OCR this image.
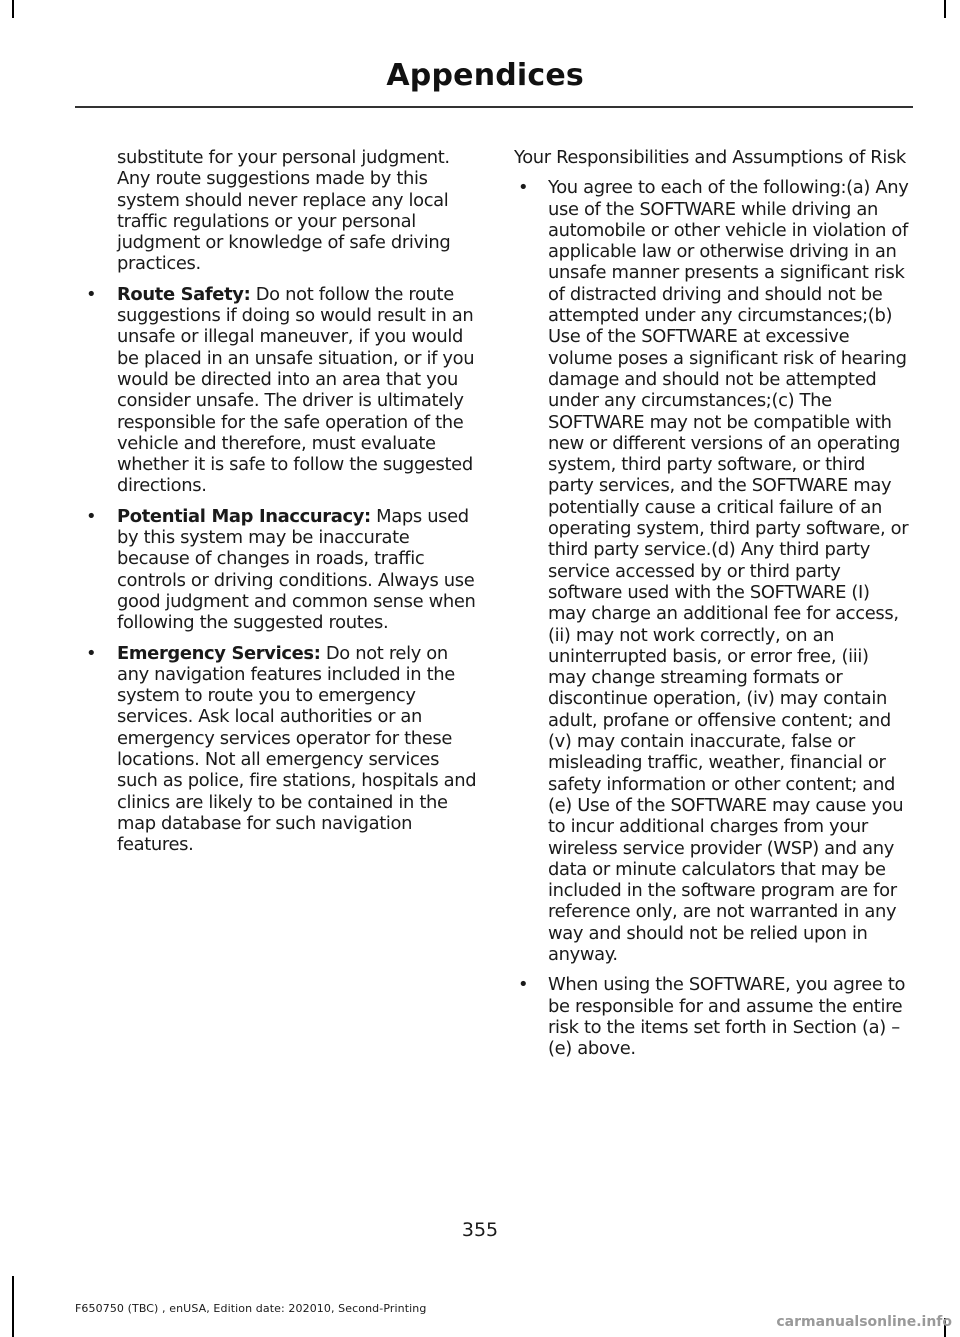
Appendices

substitute for your personal judgment. Any route suggestions made by this system should never replace any local traffic regulations or your personal judgment or knowledge of safe driving practices.

• Route Safety: Do not follow the route suggestions if doing so would result in an unsafe or illegal maneuver, if you would be placed in an unsafe situation, or if you would be directed into an area that you consider unsafe. The driver is ultimately responsible for the safe operation of the vehicle and therefore, must evaluate whether it is safe to follow the suggested directions.

• Potential Map Inaccuracy: Maps used by this system may be inaccurate because of changes in roads, traffic controls or driving conditions. Always use good judgment and common sense when following the suggested routes.

• Emergency Services: Do not rely on any navigation features included in the system to route you to emergency services. Ask local authorities or an emergency services operator for these locations. Not all emergency services such as police, fire stations, hospitals and clinics are likely to be contained in the map database for such navigation features.

Your Responsibilities and Assumptions of Risk

• You agree to each of the following:(a) Any use of the SOFTWARE while driving an automobile or other vehicle in violation of applicable law or otherwise driving in an unsafe manner presents a significant risk of distracted driving and should not be attempted under any circumstances;(b) Use of the SOFTWARE at excessive volume poses a significant risk of hearing damage and should not be attempted under any circumstances;(c) The SOFTWARE may not be compatible with new or different versions of an operating system, third party software, or third party services, and the SOFTWARE may potentially cause a critical failure of an operating system, third party software, or third party service.(d) Any third party service accessed by or third party software used with the SOFTWARE (I) may charge an additional fee for access, (ii) may not work correctly, on an uninterrupted basis, or error free, (iii) may change streaming formats or discontinue operation, (iv) may contain adult, profane or offensive content; and (v) may contain inaccurate, false or misleading traffic, weather, financial or safety information or other content; and (e) Use of the SOFTWARE may cause you to incur additional charges from your wireless service provider (WSP) and any data or minute calculators that may be included in the software program are for reference only, are not warranted in any way and should not be relied upon in anyway.

• When using the SOFTWARE, you agree to be responsible for and assume the entire risk to the items set forth in Section (a) – (e) above.

355
F650750 (TBC) , enUSA, Edition date: 202010, Second-Printing
carmanualsonline.info
